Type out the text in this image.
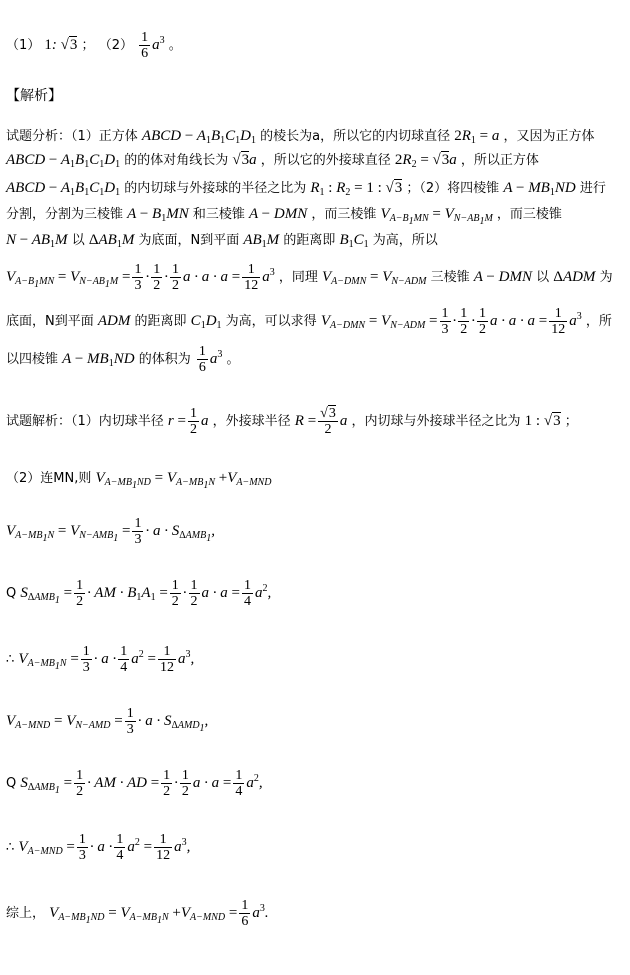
（1） 1: √3 ； $(2) \frac{1}{6} a^3$ 。
【解析】
试题分析：（1）正方体 ABCD − $A_1B_1C_1D_1$ 的棱长为a，所以它的内切球直径 $2R_1 = a$ ，又因为正方体
ABCD − $A_1B_1C_1D_1$ 的的体对角线长为 √3a ，所以它的外接球直径 $2R_2 = √3a$ ，所以正方体
ABCD − $A_1B_1C_1D_1$ 的内切球与外接球的半径之比为 $R_1$ : $R_2 = 1$ : √3 ；（2）将四棱锥 $A - MB_1ND$ 进行
分割，分割为三棱锥 $A - B_1MN$ 和三棱锥 A − DMN ，而三棱锥 $V_{A-B_1MN} = V_{N-AB_1M}$ ，而三棱锥
$N - AB_1M$ 以 $\Delta AB_1M$ 为底面，N到平面 $AB_1M$ 的距离即 $B_1C_1$ 为高，所以
$V_{A-B_1MN} = V_{N-AB_1M} = \frac{1}{3} \cdot \frac{1}{2} \cdot \frac{1}{2}$ $a \cdot a \cdot a = \frac{1}{12} a^3$ ，同理 $V_{A-DMN} = V_{N-ADM}$ 三棱锥 A − DMN 以 ΔADM 为
底面，N到平面 ADM 的距离即 $C_1D_1$ 为高，可以求得 $V_{A-DMN} = V_{N-ADM} = \frac{1}{3} \cdot \frac{1}{2} \cdot \frac{1}{2}$ $a \cdot a \cdot a = \frac{1}{12} a^3$ ，所
以四棱锥 $A - MB_1ND$ 的体积为 $\frac{1}{6} a^3$ 。
试题解析：（1）内切球半径 $r = \frac{1}{2}$ a ，外接球半径 $R = \frac{√3}{2}$ a ，内切球与外接球半径之比为 1 : √3 ；
（2）连MN,则 $V_{A-MB_1ND} = V_{A-MB_1N} +V_{A-MND}$
$V_{A-MB_1N} = V_{N-AMB_1} = \frac{1}{3} \cdot a \cdot S_{\Delta AMB_1}$,
Q $S_{\Delta AMB_1} = \frac{1}{2}$ · AM · $B_1A_1 = \frac{1}{2} \cdot \frac{1}{2}$ $a \cdot a = \frac{1}{4} a^2$,
∴ $V_{A-MB_1N} = \frac{1}{3} \cdot a \cdot \frac{1}{4} a^2 = \frac{1}{12} a^3$,
$V_{A-MND} = V_{N-AMD} = \frac{1}{3} \cdot a \cdot S_{\Delta AMD_1}$,
Q $S_{\Delta AMB_1} = \frac{1}{2}$ · AM · AD = $\frac{1}{2} \cdot \frac{1}{2}$ $a \cdot a = \frac{1}{4} a^2$,
∴ $V_{A-MND} = \frac{1}{3} \cdot a \cdot \frac{1}{4} a^2 = \frac{1}{12} a^3$,
综上， $V_{A-MB_1ND} = V_{A-MB_1N} +V_{A-MND} = \frac{1}{6} a^3$.
